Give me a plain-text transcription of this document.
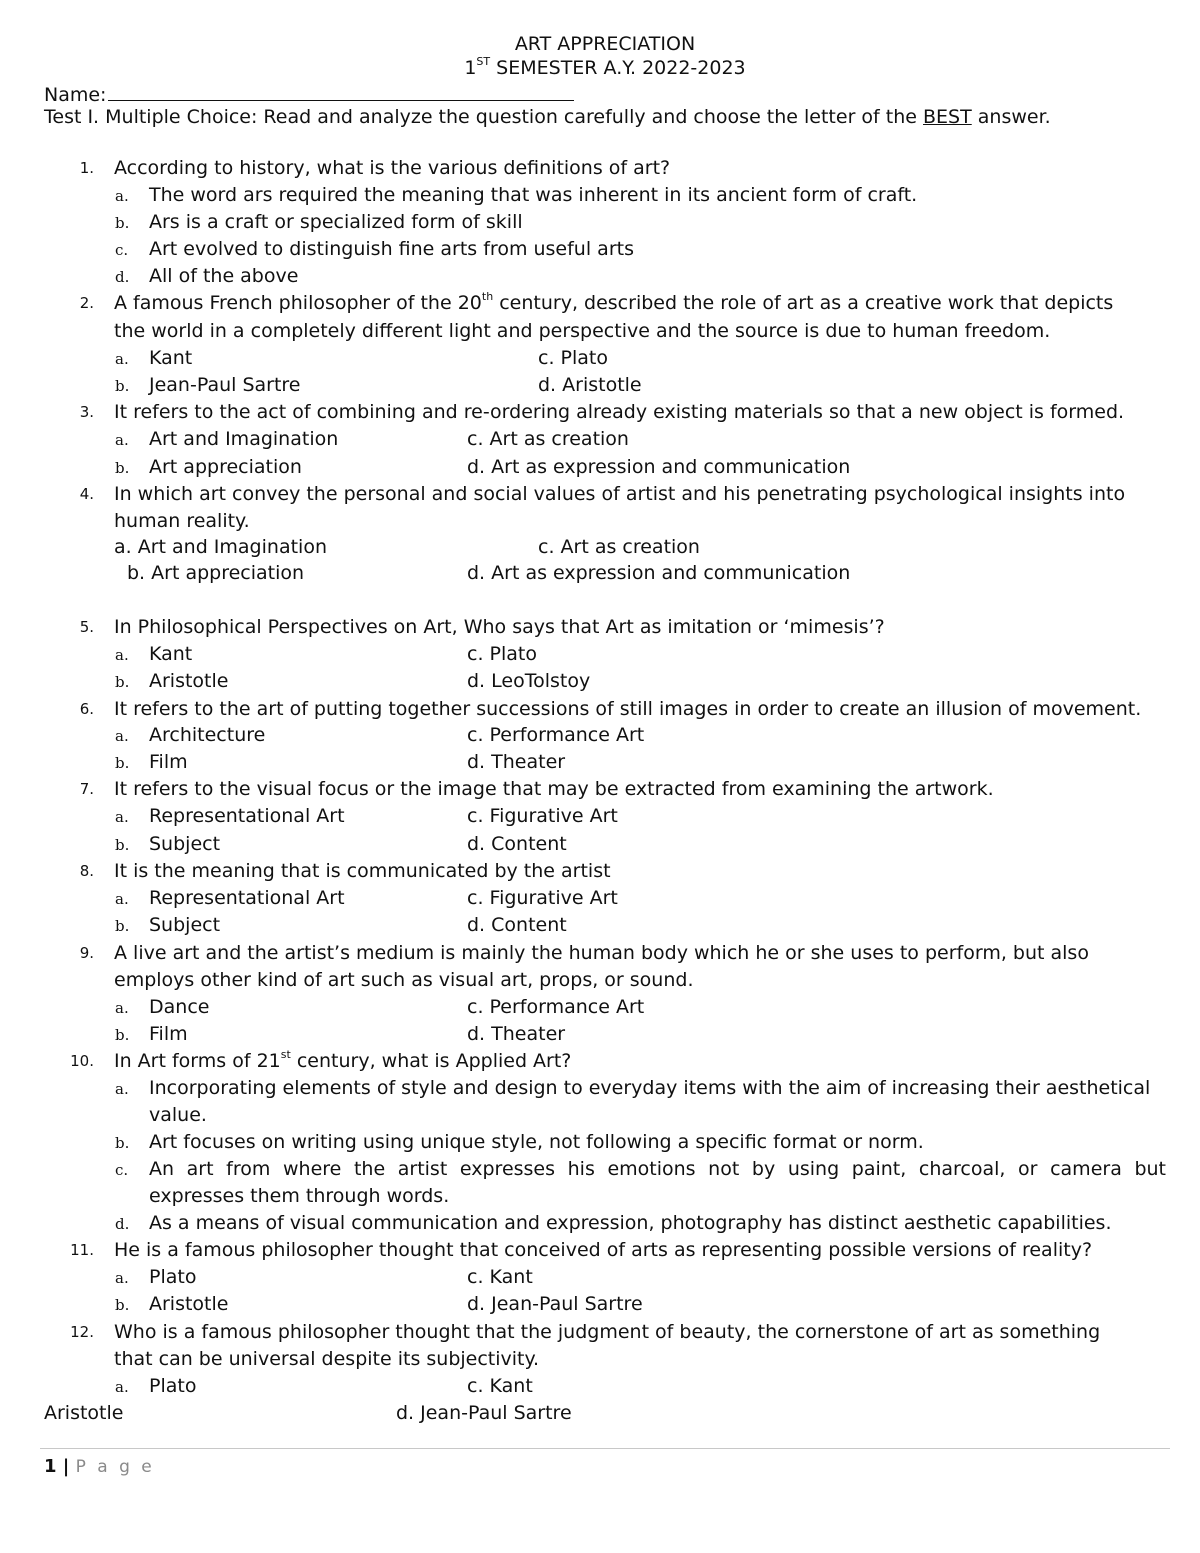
ART APPRECIATION
1ST SEMESTER A.Y. 2022-2023
Name:
Test I. Multiple Choice: Read and analyze the question carefully and choose the letter of the BEST answer.
1. According to history, what is the various definitions of art?
a. The word ars required the meaning that was inherent in its ancient form of craft.
b. Ars is a craft or specialized form of skill
c. Art evolved to distinguish fine arts from useful arts
d. All of the above
2. A famous French philosopher of the 20th century, described the role of art as a creative work that depicts
the world in a completely different light and perspective and the source is due to human freedom.
a. Kant	c. Plato
b. Jean-Paul Sartre	d. Aristotle
3. It refers to the act of combining and re-ordering already existing materials so that a new object is formed.
a. Art and Imagination	c. Art as creation
b. Art appreciation	d. Art as expression and communication
4. In which art convey the personal and social values of artist and his penetrating psychological insights into
human reality.
a. Art and Imagination	c. Art as creation
b. Art appreciation	d. Art as expression and communication
5. In Philosophical Perspectives on Art, Who says that Art as imitation or ‘mimesis’?
a. Kant	c. Plato
b. Aristotle	d. LeoTolstoy
6. It refers to the art of putting together successions of still images in order to create an illusion of movement.
a. Architecture	c. Performance Art
b. Film	d. Theater
7. It refers to the visual focus or the image that may be extracted from examining the artwork.
a. Representational Art	c. Figurative Art
b. Subject	d. Content
8. It is the meaning that is communicated by the artist
a. Representational Art	c. Figurative Art
b. Subject	d. Content
9. A live art and the artist’s medium is mainly the human body which he or she uses to perform, but also
employs other kind of art such as visual art, props, or sound.
a. Dance	c. Performance Art
b. Film	d. Theater
10. In Art forms of 21st century, what is Applied Art?
a. Incorporating elements of style and design to everyday items with the aim of increasing their aesthetical
value.
b. Art focuses on writing using unique style, not following a specific format or norm.
c. An art from where the artist expresses his emotions not by using paint, charcoal, or camera but
expresses them through words.
d. As a means of visual communication and expression, photography has distinct aesthetic capabilities.
11. He is a famous philosopher thought that conceived of arts as representing possible versions of reality?
a. Plato	c. Kant
b. Aristotle	d. Jean-Paul Sartre
12. Who is a famous philosopher thought that the judgment of beauty, the cornerstone of art as something
that can be universal despite its subjectivity.
a. Plato	c. Kant
Aristotle	d. Jean-Paul Sartre
1 | P a g e
